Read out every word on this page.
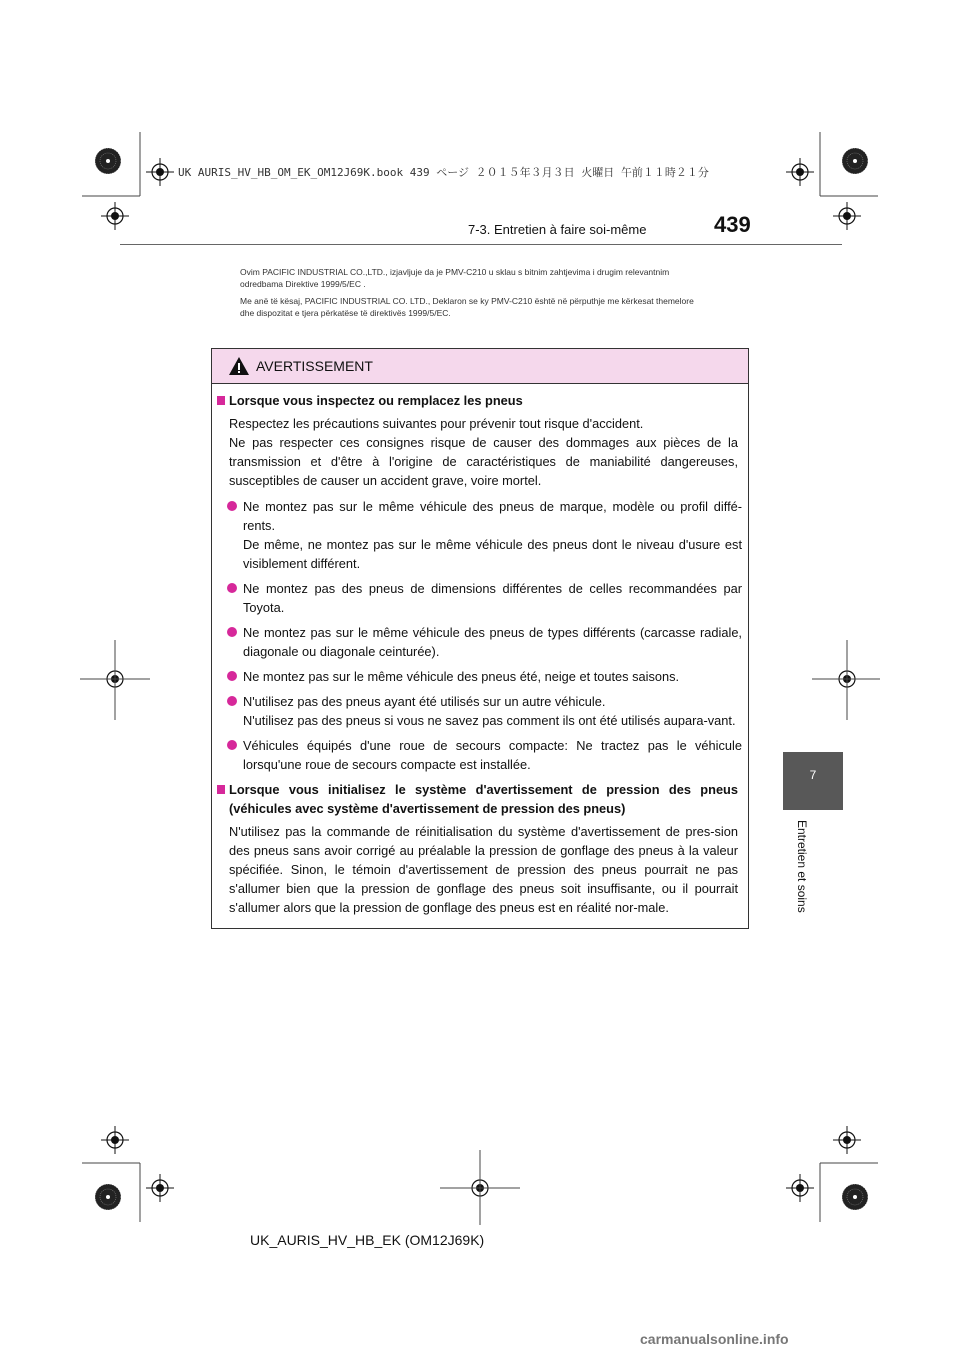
UK AURIS_HV_HB_OM_EK_OM12J69K.book 439 ページ ２０１５年３月３日 火曜日 午前１１時２１分
7-3. Entretien à faire soi-même	439

Ovim PACIFIC INDUSTRIAL CO.,LTD., izjavljuje da je PMV-C210 u sklau s bitnim zahtjevima i drugim relevantnim odredbama Direktive 1999/5/EC .

Me anë të kësaj, PACIFIC INDUSTRIAL CO. LTD., Deklaron se ky PMV-C210 është në përputhje me kërkesat themelore dhe dispozitat e tjera përkatëse të direktivës 1999/5/EC.

7
Entretien et soins
AVERTISSEMENT
Lorsque vous inspectez ou remplacez les pneus
Respectez les précautions suivantes pour prévenir tout risque d'accident.
Ne pas respecter ces consignes risque de causer des dommages aux pièces de la transmission et d'être à l'origine de caractéristiques de maniabilité dangereuses, susceptibles de causer un accident grave, voire mortel.
Ne montez pas sur le même véhicule des pneus de marque, modèle ou profil diffé-rents.
De même, ne montez pas sur le même véhicule des pneus dont le niveau d'usure est visiblement différent.
Ne montez pas des pneus de dimensions différentes de celles recommandées par Toyota.
Ne montez pas sur le même véhicule des pneus de types différents (carcasse radiale, diagonale ou diagonale ceinturée).
Ne montez pas sur le même véhicule des pneus été, neige et toutes saisons.
N'utilisez pas des pneus ayant été utilisés sur un autre véhicule.
N'utilisez pas des pneus si vous ne savez pas comment ils ont été utilisés aupara-vant.
Véhicules équipés d'une roue de secours compacte: Ne tractez pas le véhicule lorsqu'une roue de secours compacte est installée.
Lorsque vous initialisez le système d'avertissement de pression des pneus (véhicules avec système d'avertissement de pression des pneus)
N'utilisez pas la commande de réinitialisation du système d'avertissement de pres-sion des pneus sans avoir corrigé au préalable la pression de gonflage des pneus à la valeur spécifiée. Sinon, le témoin d'avertissement de pression des pneus pourrait ne pas s'allumer bien que la pression de gonflage des pneus soit insuffisante, ou il pourrait s'allumer alors que la pression de gonflage des pneus est en réalité nor-male.
UK_AURIS_HV_HB_EK (OM12J69K)
carmanualsonline.info
